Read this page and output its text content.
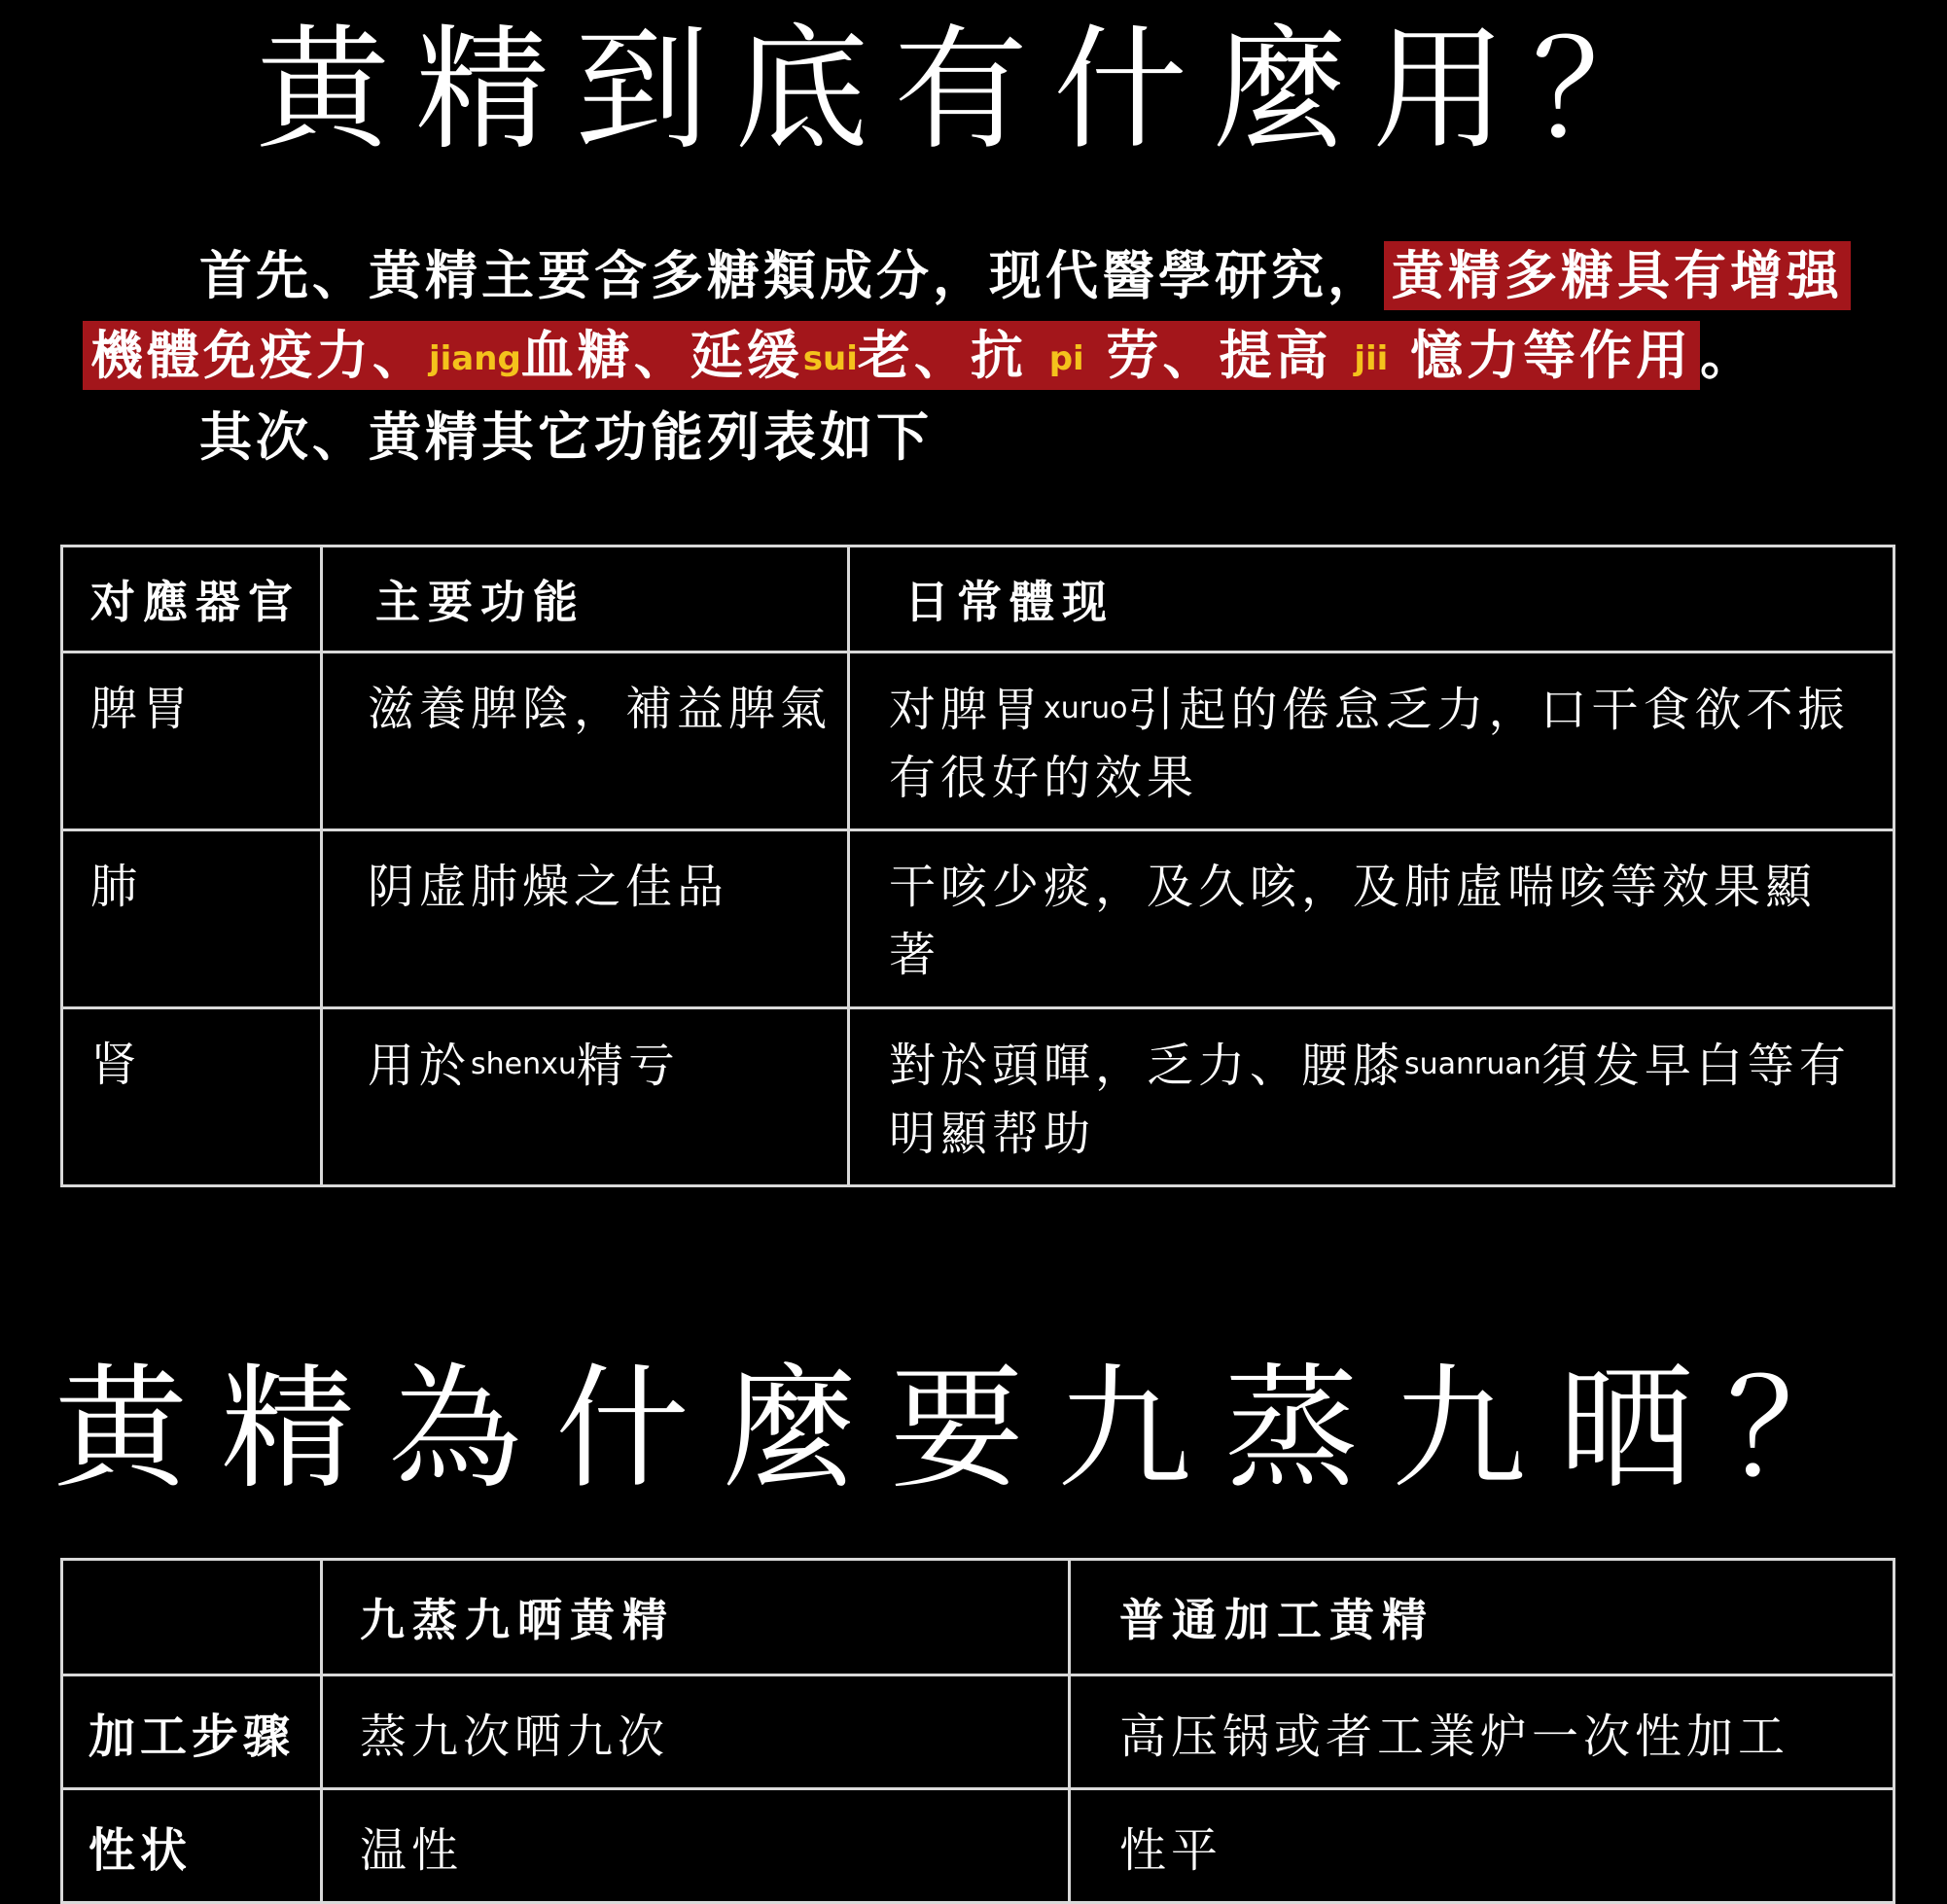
黄精到底有什麼用？
首先、黄精主要含多糖類成分，现代醫學研究， 黄精多糖具有增强
機體免疫力、jiang血糖、延缓sui老、抗 pi 劳、提高 jii 憶力等作用 。
其次、黄精其它功能列表如下
对應器官	主要功能	日常體现
脾胃	滋養脾陰，補益脾氣	对脾胃xuruo引起的倦怠乏力，口干食欲不振有很好的效果
肺	阴虚肺燥之佳品	干咳少痰，及久咳，及肺虛喘咳等效果顯著
肾	用於shenxu精亏	對於頭暉，乏力、腰膝suanruan須发早白等有明顯帮助
黄精為什麼要九蒸九晒？
	九蒸九晒黄精	普通加工黄精
加工步骤	蒸九次晒九次	高压锅或者工業炉一次性加工
性状	温性	性平
